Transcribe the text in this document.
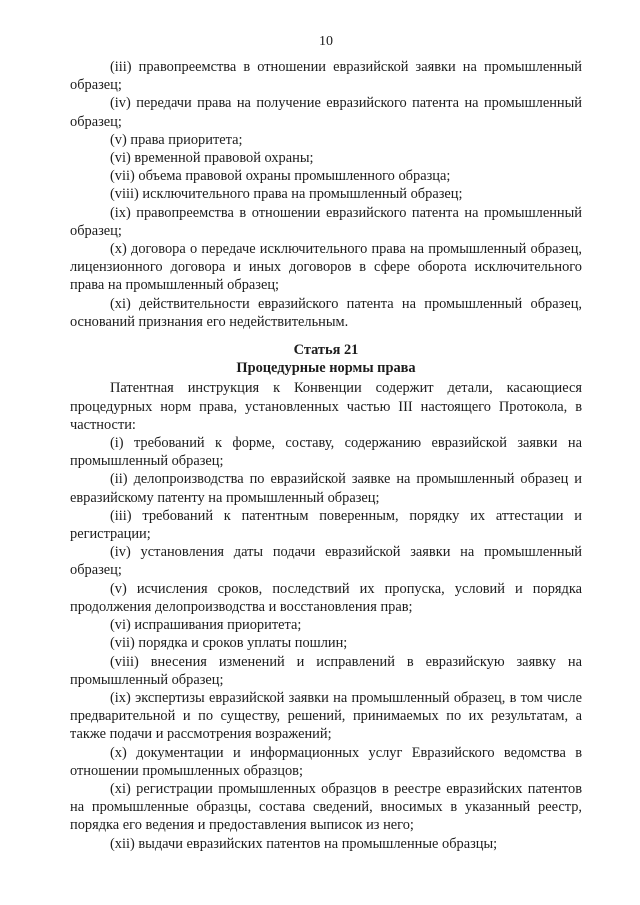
10

(iii) правопреемства в отношении евразийской заявки на промышленный образец;

(iv) передачи права на получение евразийского патента на промышленный образец;

(v) права приоритета;

(vi) временной правовой охраны;

(vii) объема правовой охраны промышленного образца;

(viii) исключительного права на промышленный образец;

(ix) правопреемства в отношении евразийского патента на промышленный образец;

(x) договора о передаче исключительного права на промышленный образец, лицензионного договора и иных договоров в сфере оборота исключительного права на промышленный образец;

(xi) действительности евразийского патента на промышленный образец, оснований признания его недействительным.

Статья 21

Процедурные нормы права

Патентная инструкция к Конвенции содержит детали, касающиеся процедурных норм права, установленных частью III настоящего Протокола, в частности:

(i) требований к форме, составу, содержанию евразийской заявки на промышленный образец;

(ii) делопроизводства по евразийской заявке на промышленный образец и евразийскому патенту на промышленный образец;

(iii) требований к патентным поверенным, порядку их аттестации и регистрации;

(iv) установления даты подачи евразийской заявки на промышленный образец;

(v) исчисления сроков, последствий их пропуска, условий и порядка продолжения делопроизводства и восстановления прав;

(vi) испрашивания приоритета;

(vii) порядка и сроков уплаты пошлин;

(viii) внесения изменений и исправлений в евразийскую заявку на промышленный образец;

(ix) экспертизы евразийской заявки на промышленный образец, в том числе предварительной и по существу, решений, принимаемых по их результатам, а также подачи и рассмотрения возражений;

(x) документации и информационных услуг Евразийского ведомства в отношении промышленных образцов;

(xi) регистрации промышленных образцов в реестре евразийских патентов на промышленные образцы, состава сведений, вносимых в указанный реестр, порядка его ведения и предоставления выписок из него;

(xii) выдачи евразийских патентов на промышленные образцы;
